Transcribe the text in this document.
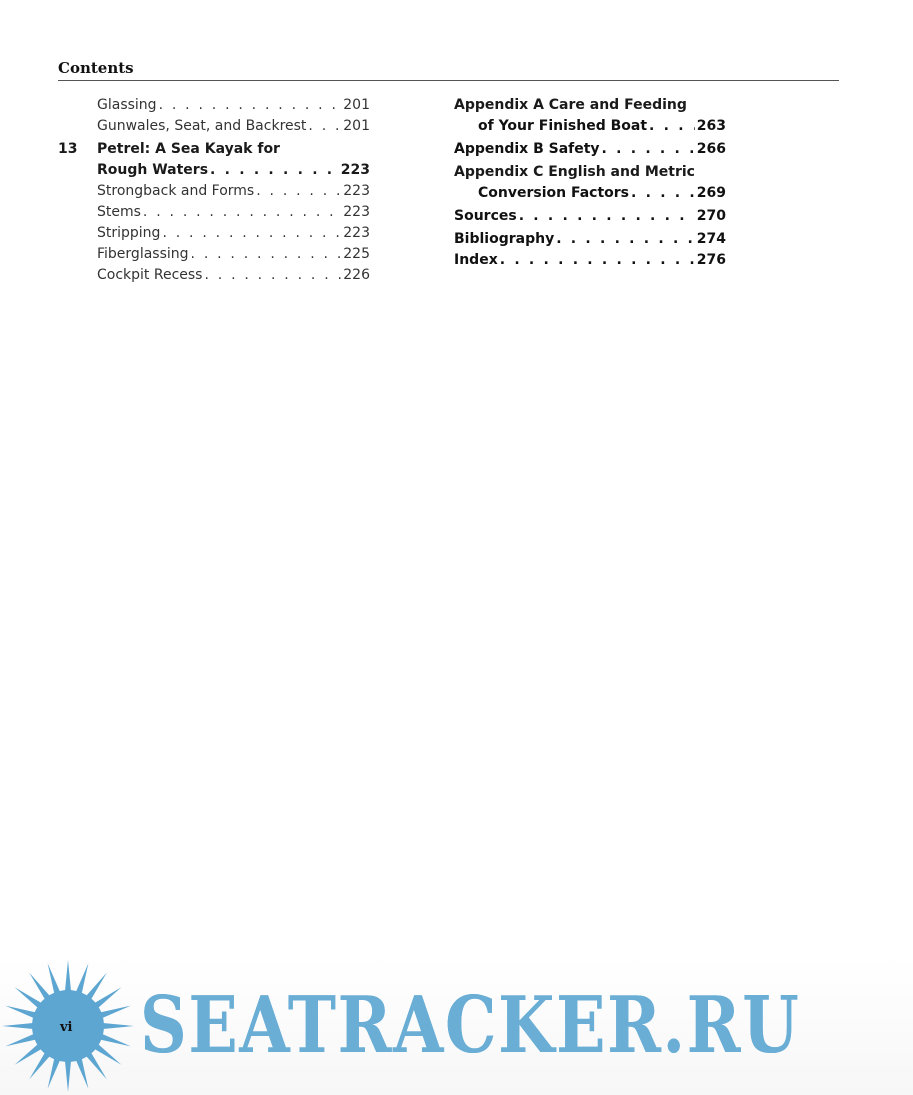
Contents
Glassing . . .	201
Gunwales, Seat, and Backrest . . .	201
13	Petrel: A Sea Kayak for
Rough Waters . . .	223
Strongback and Forms . . .	223
Stems . . .	223
Stripping . . .	223
Fiberglassing . . .	225
Cockpit Recess . . .	226
Appendix A Care and Feeding
of Your Finished Boat . . .	263
Appendix B Safety . . .	266
Appendix C English and Metric
Conversion Factors . . .	269
Sources . . .	270
Bibliography . . .	274
Index . . .	276
vi SEATRACKER.RU
